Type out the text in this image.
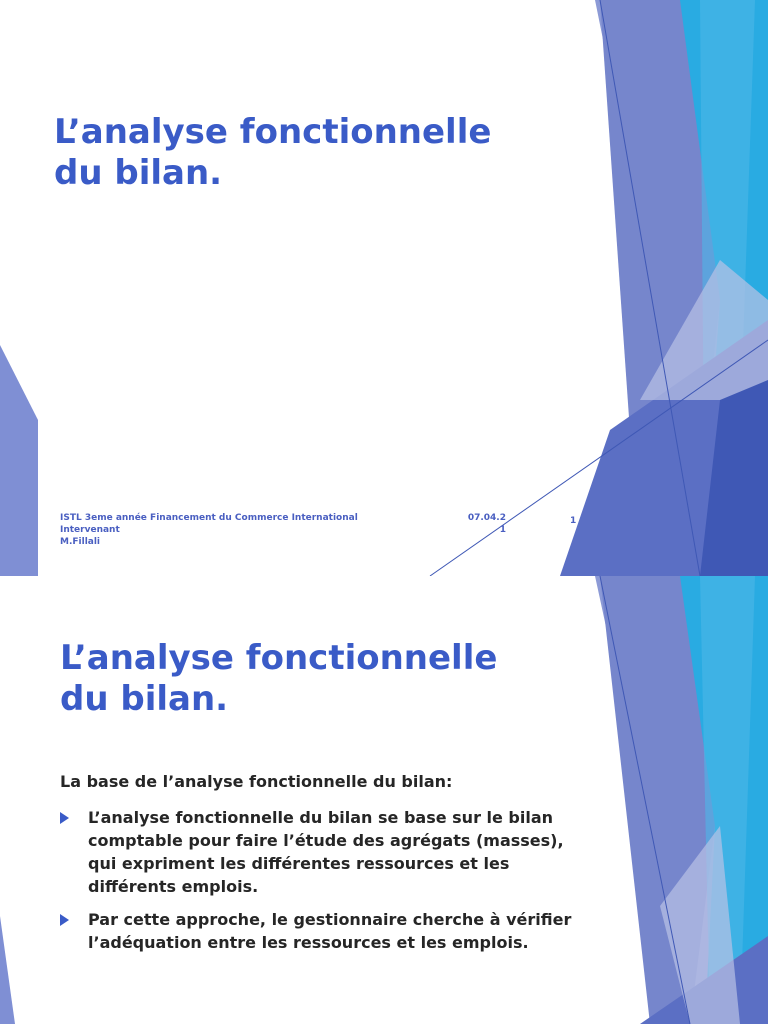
L’analyse fonctionnelle
du bilan.
ISTL 3eme année Financement du Commerce International Intervenant
M.Fillali
07.04.2
1
1
L’analyse fonctionnelle
du bilan.

La base de l’analyse fonctionnelle du bilan:

L’analyse fonctionnelle du bilan se base sur le bilan comptable pour faire l’étude des agrégats (masses), qui expriment les différentes ressources et les différents emplois.
Par cette approche, le gestionnaire cherche à vérifier l’adéquation entre les ressources et les emplois.
